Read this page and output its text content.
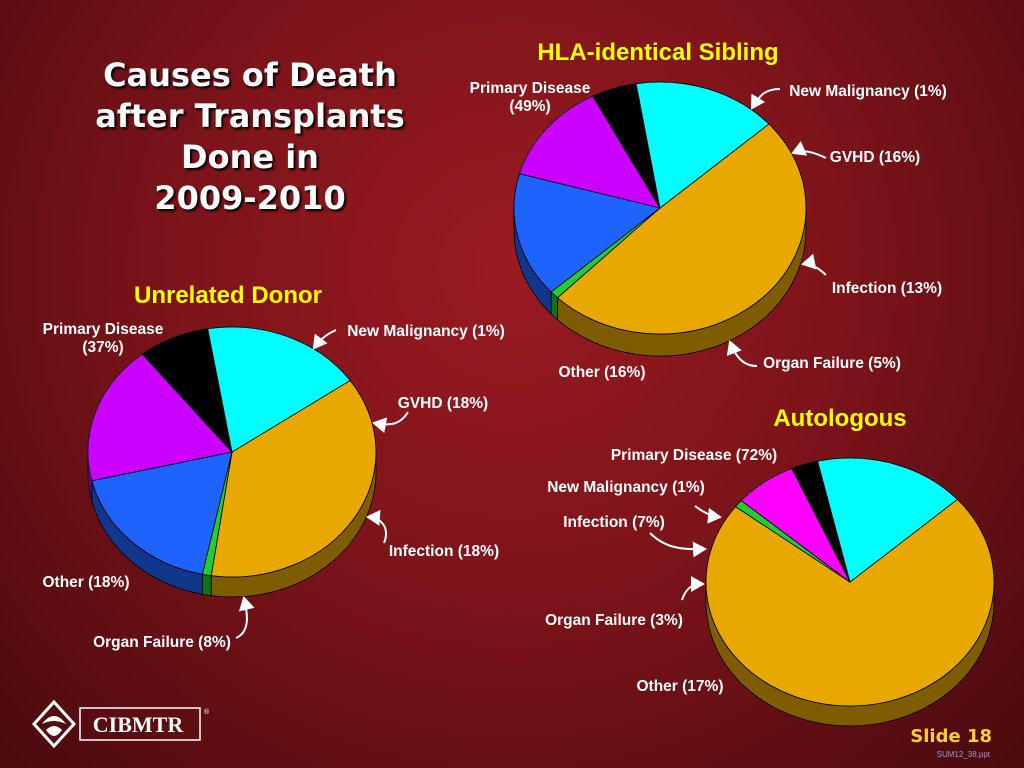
Causes of Death
after Transplants
Done in
2009-2010
HLA-identical Sibling
Primary Disease (49%)
New Malignancy (1%)
GVHD (16%)
Infection (13%)
Organ Failure (5%)
Other (16%)
Unrelated Donor
Primary Disease (37%)
New Malignancy (1%)
GVHD (18%)
Infection (18%)
Organ Failure (8%)
Other (18%)
Autologous
Primary Disease (72%)
New Malignancy (1%)
Infection (7%)
Organ Failure (3%)
Other (17%)
CIBMTR	®
Slide 18
SUM12_38.ppt
